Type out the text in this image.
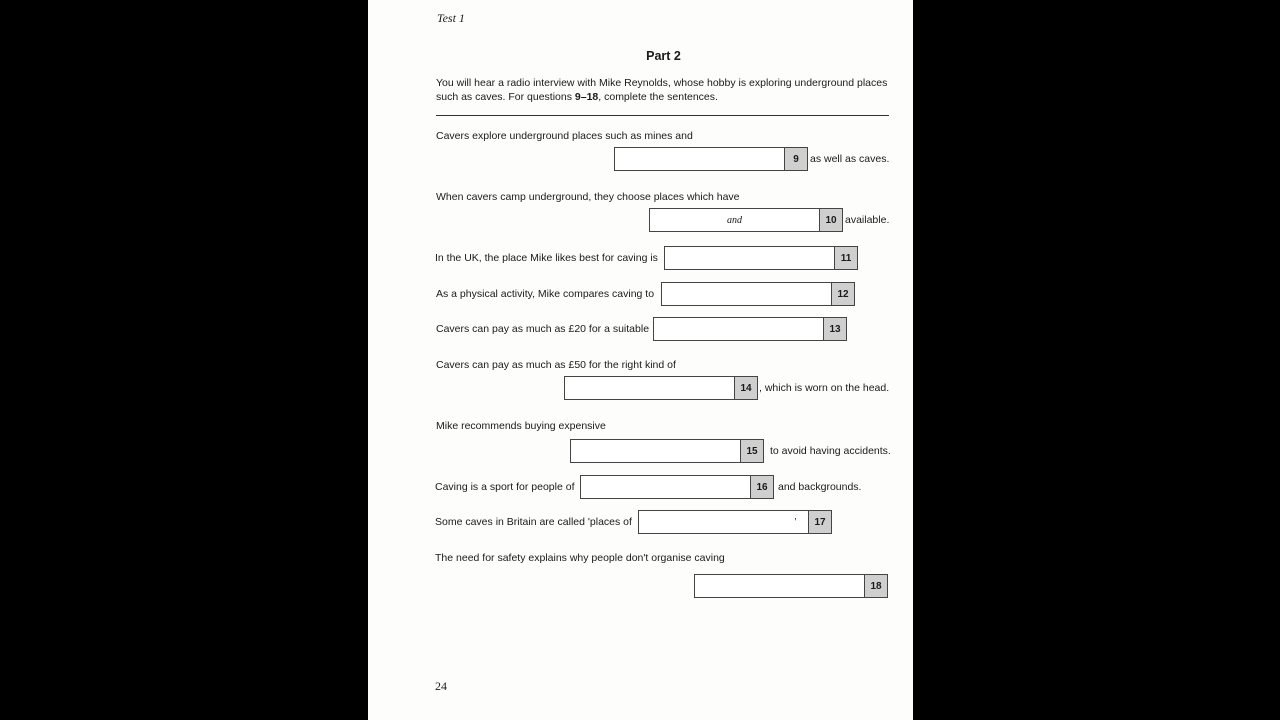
Test 1
Part 2
You will hear a radio interview with Mike Reynolds, whose hobby is exploring underground places such as caves. For questions 9–18, complete the sentences.
Cavers explore underground places such as mines and
9	as well as caves.
When cavers camp underground, they choose places which have
and	10 available.
In the UK, the place Mike likes best for caving is	11
As a physical activity, Mike compares caving to	12
Cavers can pay as much as £20 for a suitable	13
Cavers can pay as much as £50 for the right kind of
14 , which is worn on the head.
Mike recommends buying expensive
15	to avoid having accidents.
Caving is a sport for people of	16 and backgrounds.
Some caves in Britain are called 'places of	'	17
The need for safety explains why people don't organise caving
18
24
